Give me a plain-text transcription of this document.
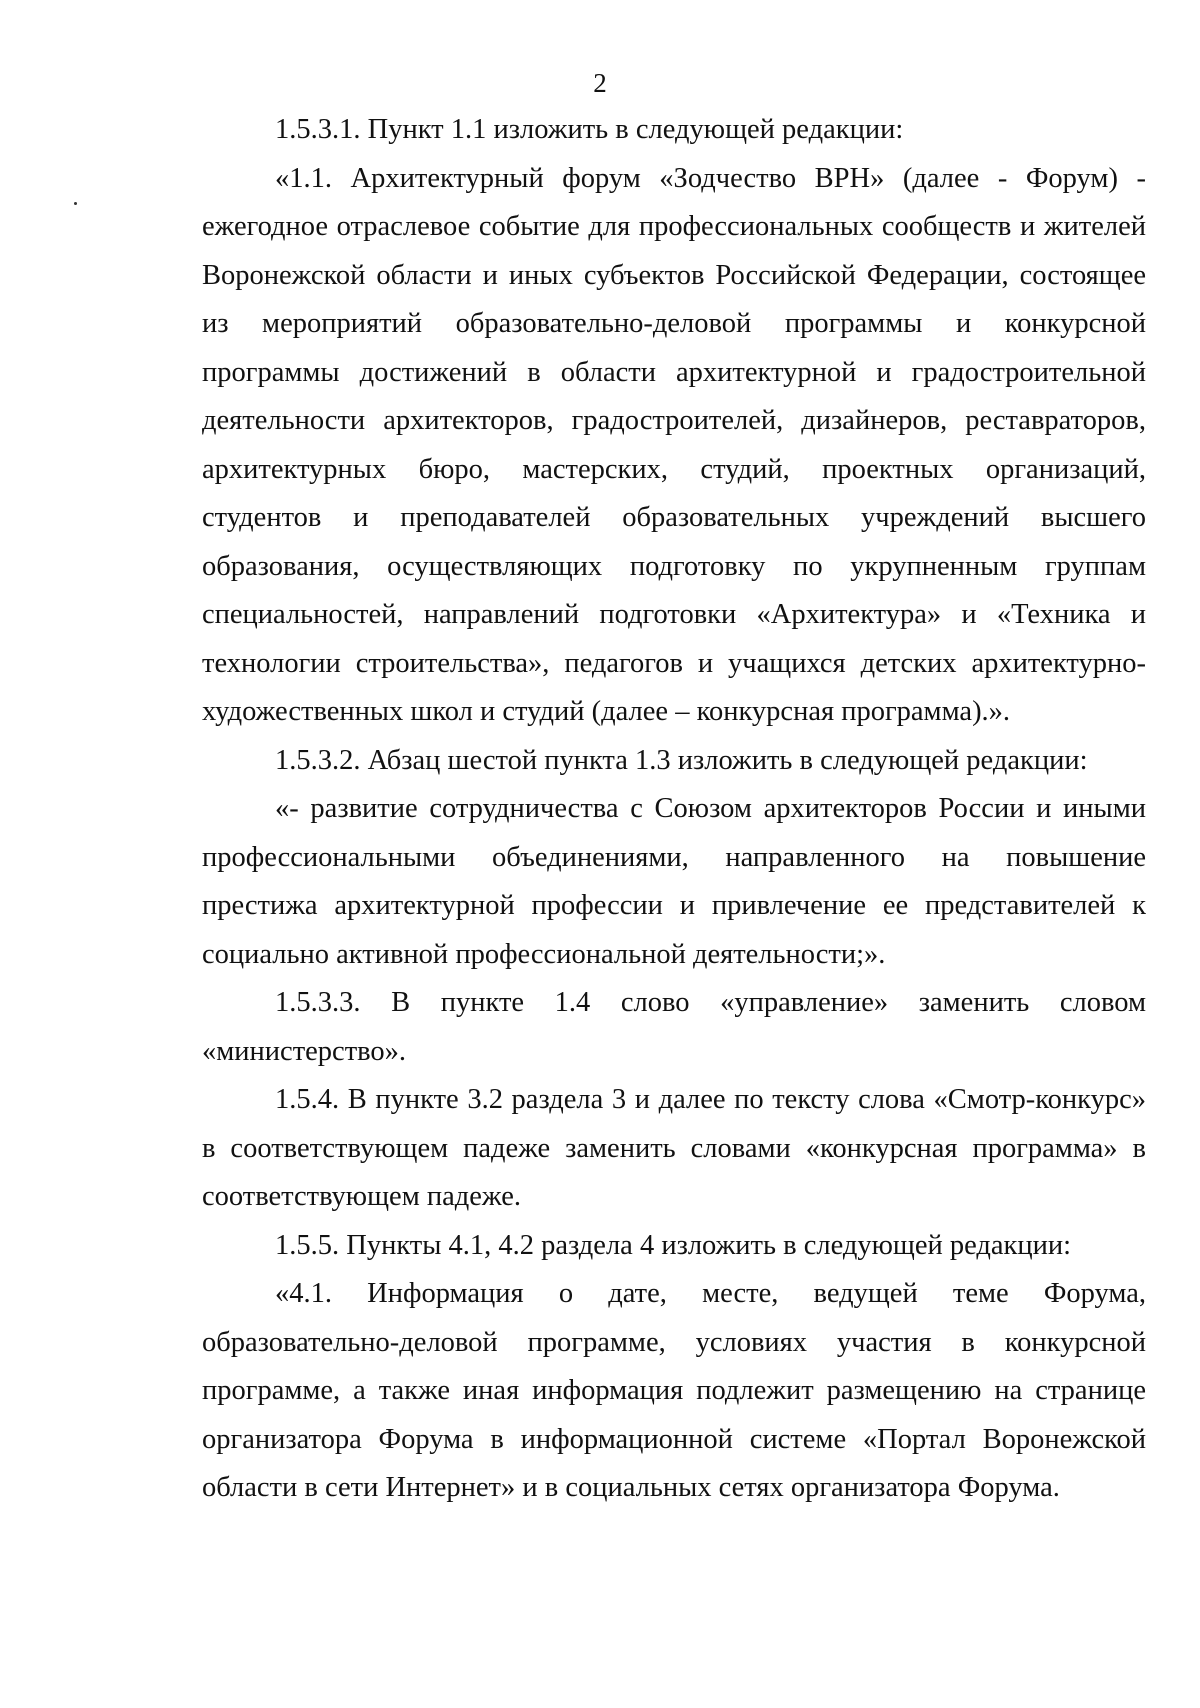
2

1.5.3.1. Пункт 1.1 изложить в следующей редакции:

«1.1. Архитектурный форум «Зодчество ВРН» (далее - Форум) - ежегодное отраслевое событие для профессиональных сообществ и жителей Воронежской области и иных субъектов Российской Федерации, состоящее из мероприятий образовательно-деловой программы и конкурсной программы достижений в области архитектурной и градостроительной деятельности архитекторов, градостроителей, дизайнеров, реставраторов, архитектурных бюро, мастерских, студий, проектных организаций, студентов и преподавателей образовательных учреждений высшего образования, осуществляющих подготовку по укрупненным группам специальностей, направлений подготовки «Архитектура» и «Техника и технологии строительства», педагогов и учащихся детских архитектурно-художественных школ и студий (далее – конкурсная программа).».

1.5.3.2. Абзац шестой пункта 1.3 изложить в следующей редакции:

«- развитие сотрудничества с Союзом архитекторов России и иными профессиональными объединениями, направленного на повышение престижа архитектурной профессии и привлечение ее представителей к социально активной профессиональной деятельности;».

1.5.3.3. В пункте 1.4 слово «управление» заменить словом «министерство».

1.5.4. В пункте 3.2 раздела 3 и далее по тексту слова «Смотр-конкурс» в соответствующем падеже заменить словами «конкурсная программа» в соответствующем падеже.

1.5.5. Пункты 4.1, 4.2 раздела 4 изложить в следующей редакции:

«4.1. Информация о дате, месте, ведущей теме Форума, образовательно-деловой программе, условиях участия в конкурсной программе, а также иная информация подлежит размещению на странице организатора Форума в информационной системе «Портал Воронежской области в сети Интернет» и в социальных сетях организатора Форума.
